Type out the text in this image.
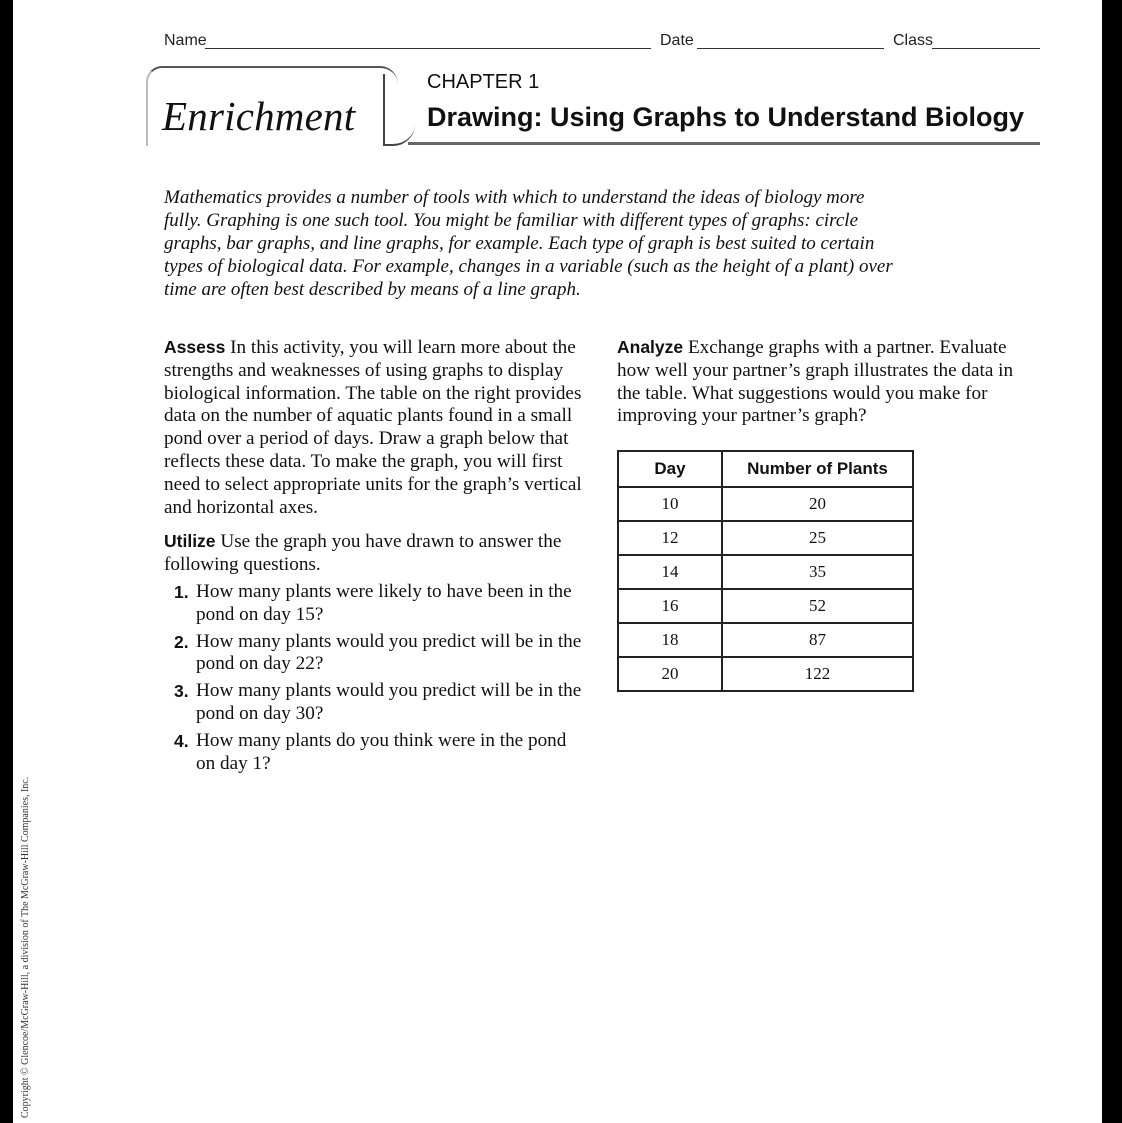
Name	Date	Class
Enrichment
CHAPTER 1
Drawing: Using Graphs to Understand Biology

Mathematics provides a number of tools with which to understand the ideas of biology more fully. Graphing is one such tool. You might be familiar with different types of graphs: circle graphs, bar graphs, and line graphs, for example. Each type of graph is best suited to certain types of biological data. For example, changes in a variable (such as the height of a plant) over time are often best described by means of a line graph.

Assess In this activity, you will learn more about the strengths and weaknesses of using graphs to display biological information. The table on the right provides data on the number of aquatic plants found in a small pond over a period of days. Draw a graph below that reflects these data. To make the graph, you will first need to select appropriate units for the graph’s vertical and horizontal axes.

Utilize Use the graph you have drawn to answer the following questions.

1. How many plants were likely to have been in the pond on day 15?
2. How many plants would you predict will be in the pond on day 22?
3. How many plants would you predict will be in the pond on day 30?
4. How many plants do you think were in the pond on day 1?

Analyze Exchange graphs with a partner. Evaluate how well your partner’s graph illustrates the data in the table. What suggestions would you make for improving your partner’s graph?

Day	Number of Plants
10	20
12	25
14	35
16	52
18	87
20	122
Copyright © Glencoe/McGraw-Hill, a division of The McGraw-Hill Companies, Inc.
